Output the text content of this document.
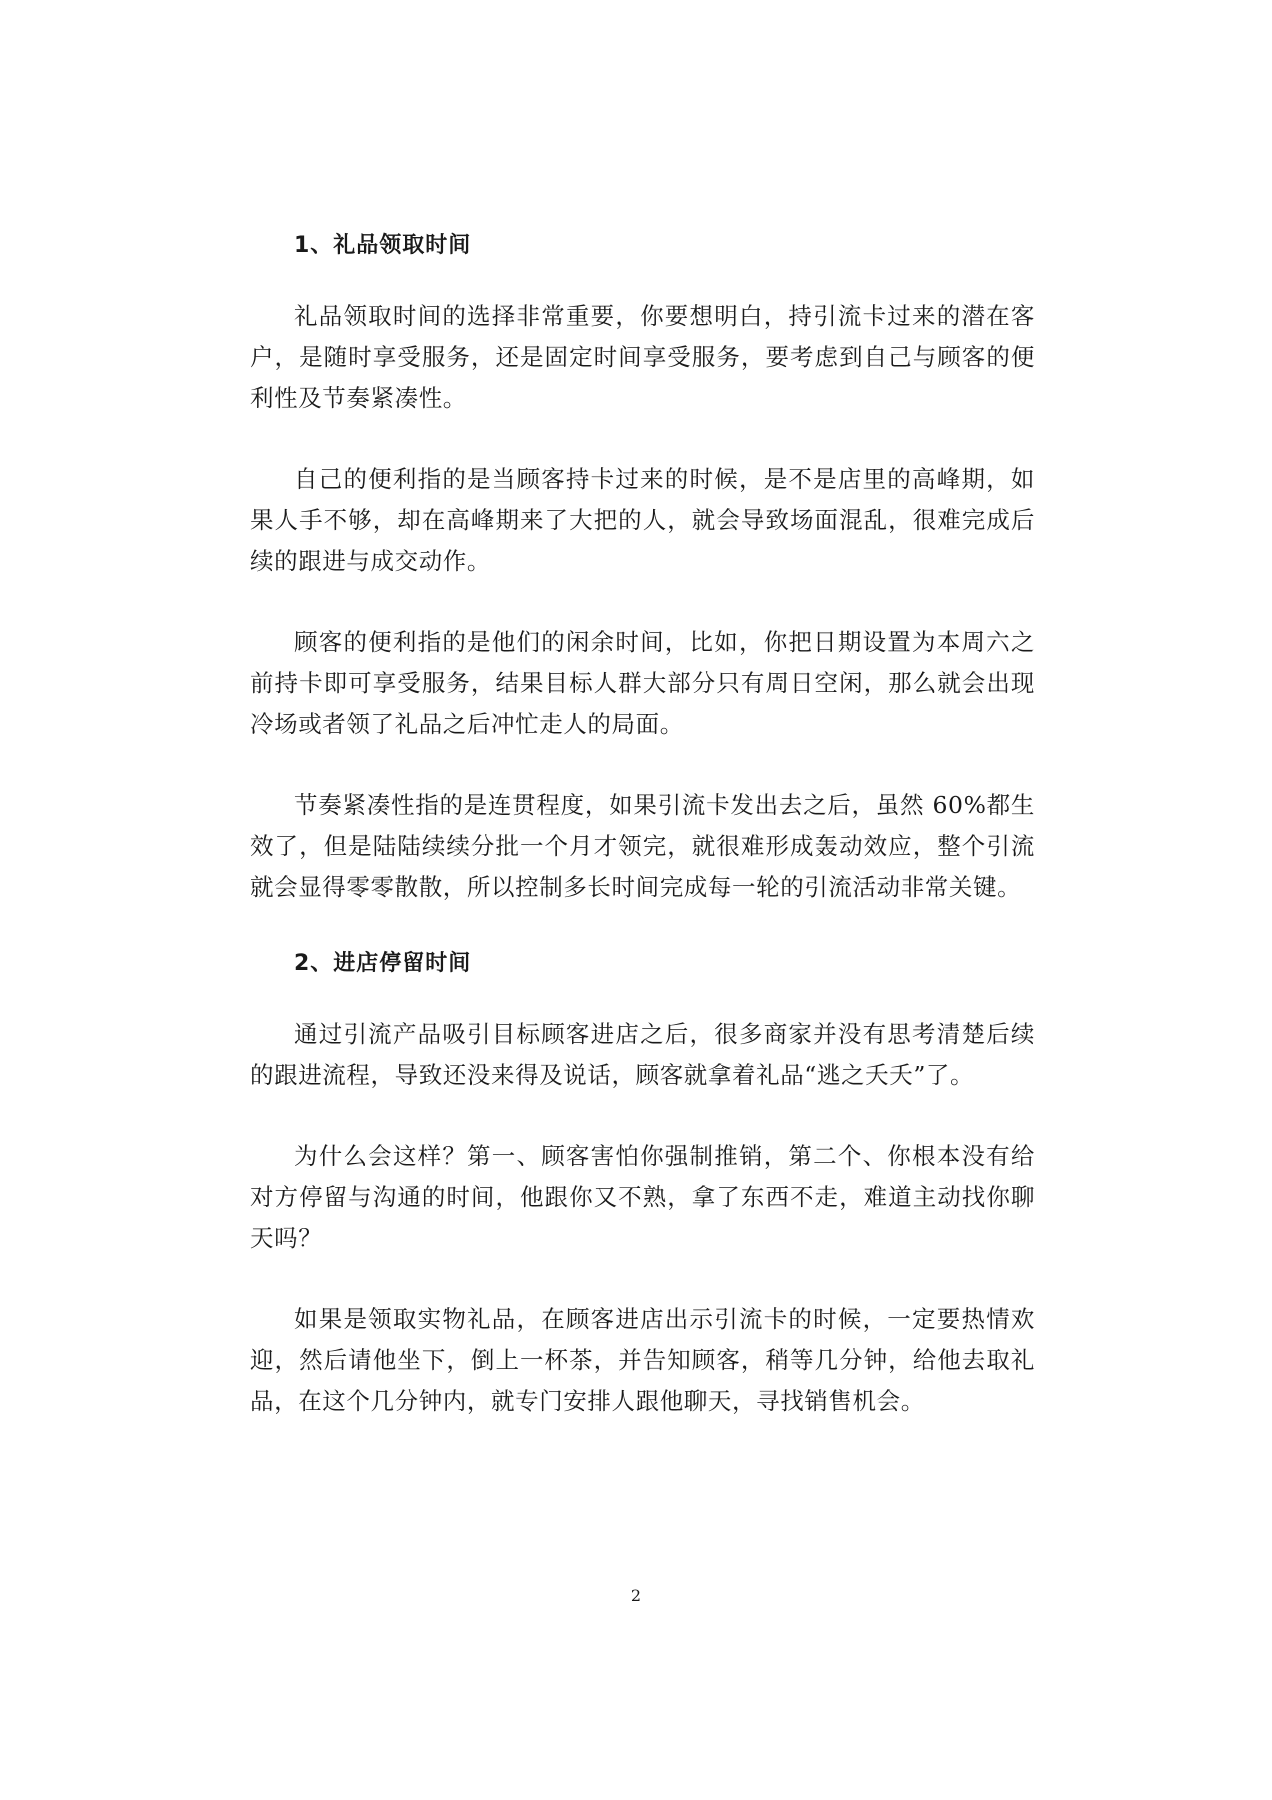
1、礼品领取时间

礼品领取时间的选择非常重要，你要想明白，持引流卡过来的潜在客户，是随时享受服务，还是固定时间享受服务，要考虑到自己与顾客的便利性及节奏紧凑性。

自己的便利指的是当顾客持卡过来的时候，是不是店里的高峰期，如果人手不够，却在高峰期来了大把的人，就会导致场面混乱，很难完成后续的跟进与成交动作。

顾客的便利指的是他们的闲余时间，比如，你把日期设置为本周六之前持卡即可享受服务，结果目标人群大部分只有周日空闲，那么就会出现冷场或者领了礼品之后冲忙走人的局面。

节奏紧凑性指的是连贯程度，如果引流卡发出去之后，虽然 60%都生效了，但是陆陆续续分批一个月才领完，就很难形成轰动效应，整个引流就会显得零零散散，所以控制多长时间完成每一轮的引流活动非常关键。

2、进店停留时间

通过引流产品吸引目标顾客进店之后，很多商家并没有思考清楚后续的跟进流程，导致还没来得及说话，顾客就拿着礼品“逃之夭夭”了。

为什么会这样？第一、顾客害怕你强制推销，第二个、你根本没有给对方停留与沟通的时间，他跟你又不熟，拿了东西不走，难道主动找你聊天吗？

如果是领取实物礼品，在顾客进店出示引流卡的时候，一定要热情欢迎，然后请他坐下，倒上一杯茶，并告知顾客，稍等几分钟，给他去取礼品，在这个几分钟内，就专门安排人跟他聊天，寻找销售机会。

2
